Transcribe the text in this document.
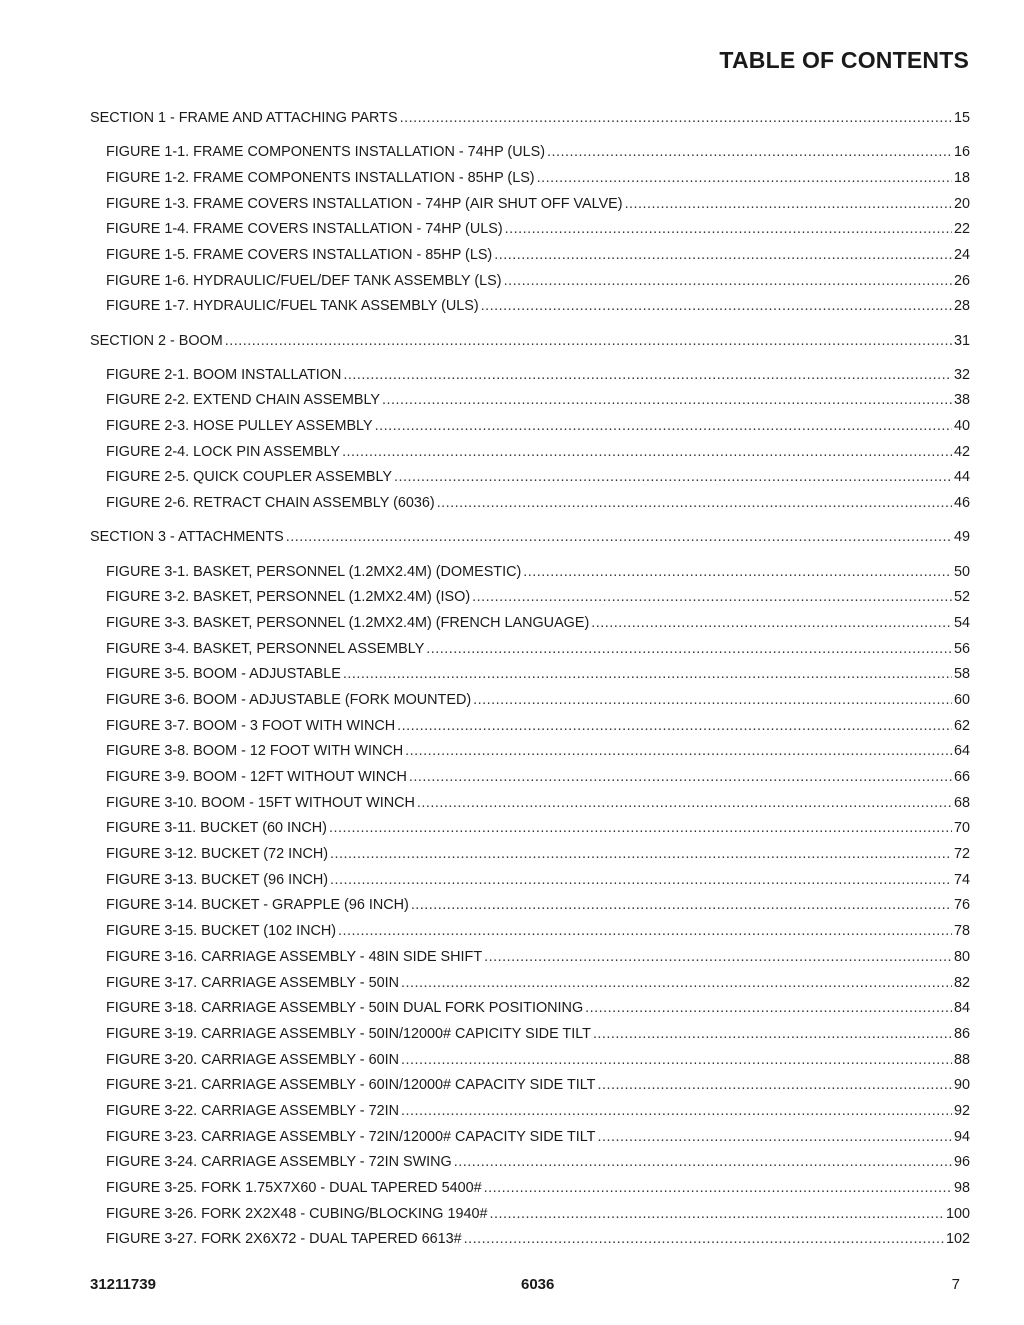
TABLE OF CONTENTS
SECTION 1 - FRAME AND ATTACHING PARTS .....	15
FIGURE 1-1. FRAME COMPONENTS INSTALLATION - 74HP (ULS) .....	16
FIGURE 1-2. FRAME COMPONENTS INSTALLATION - 85HP (LS) .....	18
FIGURE 1-3. FRAME COVERS INSTALLATION - 74HP (AIR SHUT OFF VALVE) .....	20
FIGURE 1-4. FRAME COVERS INSTALLATION - 74HP (ULS) .....	22
FIGURE 1-5. FRAME COVERS INSTALLATION - 85HP (LS) .....	24
FIGURE 1-6. HYDRAULIC/FUEL/DEF TANK ASSEMBLY (LS) .....	26
FIGURE 1-7. HYDRAULIC/FUEL TANK ASSEMBLY (ULS) .....	28
SECTION 2 - BOOM .....	31
FIGURE 2-1. BOOM INSTALLATION .....	32
FIGURE 2-2. EXTEND CHAIN ASSEMBLY .....	38
FIGURE 2-3. HOSE PULLEY ASSEMBLY .....	40
FIGURE 2-4. LOCK PIN ASSEMBLY .....	42
FIGURE 2-5. QUICK COUPLER ASSEMBLY .....	44
FIGURE 2-6. RETRACT CHAIN ASSEMBLY (6036) .....	46
SECTION 3 - ATTACHMENTS .....	49
FIGURE 3-1. BASKET, PERSONNEL (1.2MX2.4M) (DOMESTIC) .....	50
FIGURE 3-2. BASKET, PERSONNEL (1.2MX2.4M) (ISO) .....	52
FIGURE 3-3. BASKET, PERSONNEL (1.2MX2.4M) (FRENCH LANGUAGE) .....	54
FIGURE 3-4. BASKET, PERSONNEL ASSEMBLY .....	56
FIGURE 3-5. BOOM - ADJUSTABLE .....	58
FIGURE 3-6. BOOM - ADJUSTABLE (FORK MOUNTED) .....	60
FIGURE 3-7. BOOM - 3 FOOT WITH WINCH .....	62
FIGURE 3-8. BOOM - 12 FOOT WITH WINCH .....	64
FIGURE 3-9. BOOM - 12FT WITHOUT WINCH .....	66
FIGURE 3-10. BOOM - 15FT WITHOUT WINCH .....	68
FIGURE 3-11. BUCKET (60 INCH) .....	70
FIGURE 3-12. BUCKET (72 INCH) .....	72
FIGURE 3-13. BUCKET (96 INCH) .....	74
FIGURE 3-14. BUCKET - GRAPPLE (96 INCH) .....	76
FIGURE 3-15. BUCKET (102 INCH) .....	78
FIGURE 3-16. CARRIAGE ASSEMBLY - 48IN SIDE SHIFT .....	80
FIGURE 3-17. CARRIAGE ASSEMBLY - 50IN .....	82
FIGURE 3-18. CARRIAGE ASSEMBLY - 50IN DUAL FORK POSITIONING .....	84
FIGURE 3-19. CARRIAGE ASSEMBLY - 50IN/12000# CAPICITY SIDE TILT .....	86
FIGURE 3-20. CARRIAGE ASSEMBLY - 60IN .....	88
FIGURE 3-21. CARRIAGE ASSEMBLY - 60IN/12000# CAPACITY SIDE TILT .....	90
FIGURE 3-22. CARRIAGE ASSEMBLY - 72IN .....	92
FIGURE 3-23. CARRIAGE ASSEMBLY - 72IN/12000# CAPACITY SIDE TILT .....	94
FIGURE 3-24. CARRIAGE ASSEMBLY - 72IN SWING .....	96
FIGURE 3-25. FORK 1.75X7X60 - DUAL TAPERED 5400# .....	98
FIGURE 3-26. FORK 2X2X48 - CUBING/BLOCKING 1940# .....	100
FIGURE 3-27. FORK 2X6X72 - DUAL TAPERED 6613# .....	102
31211739	6036	7
